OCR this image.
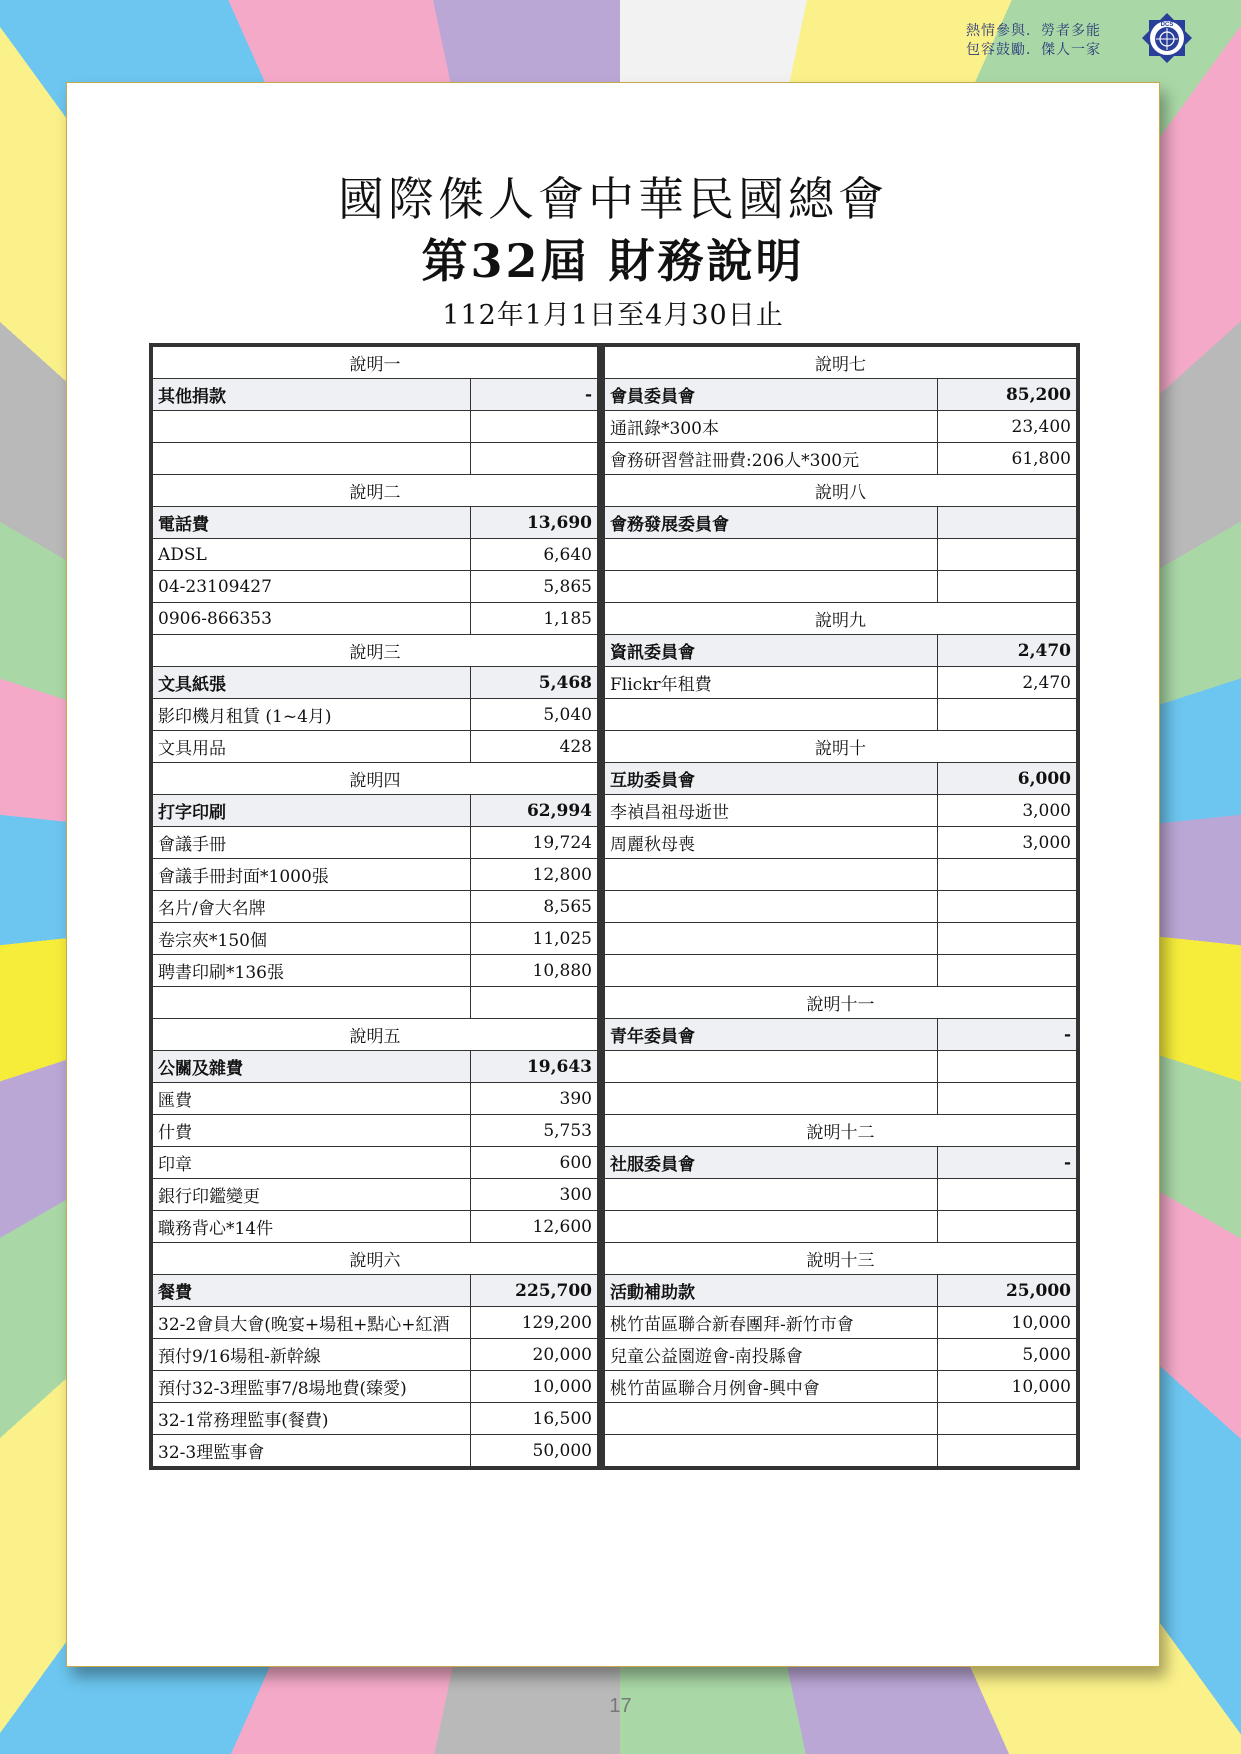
熱情參與．勞者多能
包容鼓勵．傑人一家
DCS
國際傑人會中華民國總會
第32屆 財務說明
112年1月1日至4月30日止
說明一	
其他捐款	-

說明二	
電話費	13,690
ADSL	6,640
04-23109427	5,865
0906-866353	1,185
說明三	
文具紙張	5,468
影印機月租賃 (1~4月)	5,040
文具用品	428
說明四	
打字印刷	62,994
會議手冊	19,724
會議手冊封面*1000張	12,800
名片/會大名牌	8,565
卷宗夾*150個	11,025
聘書印刷*136張	10,880

說明五	
公關及雜費	19,643
匯費	390
什費	5,753
印章	600
銀行印鑑變更	300
職務背心*14件	12,600
說明六	
餐費	225,700
32-2會員大會(晚宴+場租+點心+紅酒	129,200
預付9/16場租-新幹線	20,000
預付32-3理監事7/8場地費(臻愛)	10,000
32-1常務理監事(餐費)	16,500
32-3理監事會	50,000
說明七	
會員委員會	85,200
通訊錄*300本	23,400
會務研習營註冊費:206人*300元	61,800
說明八	
會務發展委員會	

說明九	
資訊委員會	2,470
Flickr年租費	2,470

說明十	
互助委員會	6,000
李禎昌祖母逝世	3,000
周麗秋母喪	3,000

說明十一	
青年委員會	-

說明十二	
社服委員會	-

說明十三	
活動補助款	25,000
桃竹苗區聯合新春團拜-新竹市會	10,000
兒童公益園遊會-南投縣會	5,000
桃竹苗區聯合月例會-興中會	10,000

17
